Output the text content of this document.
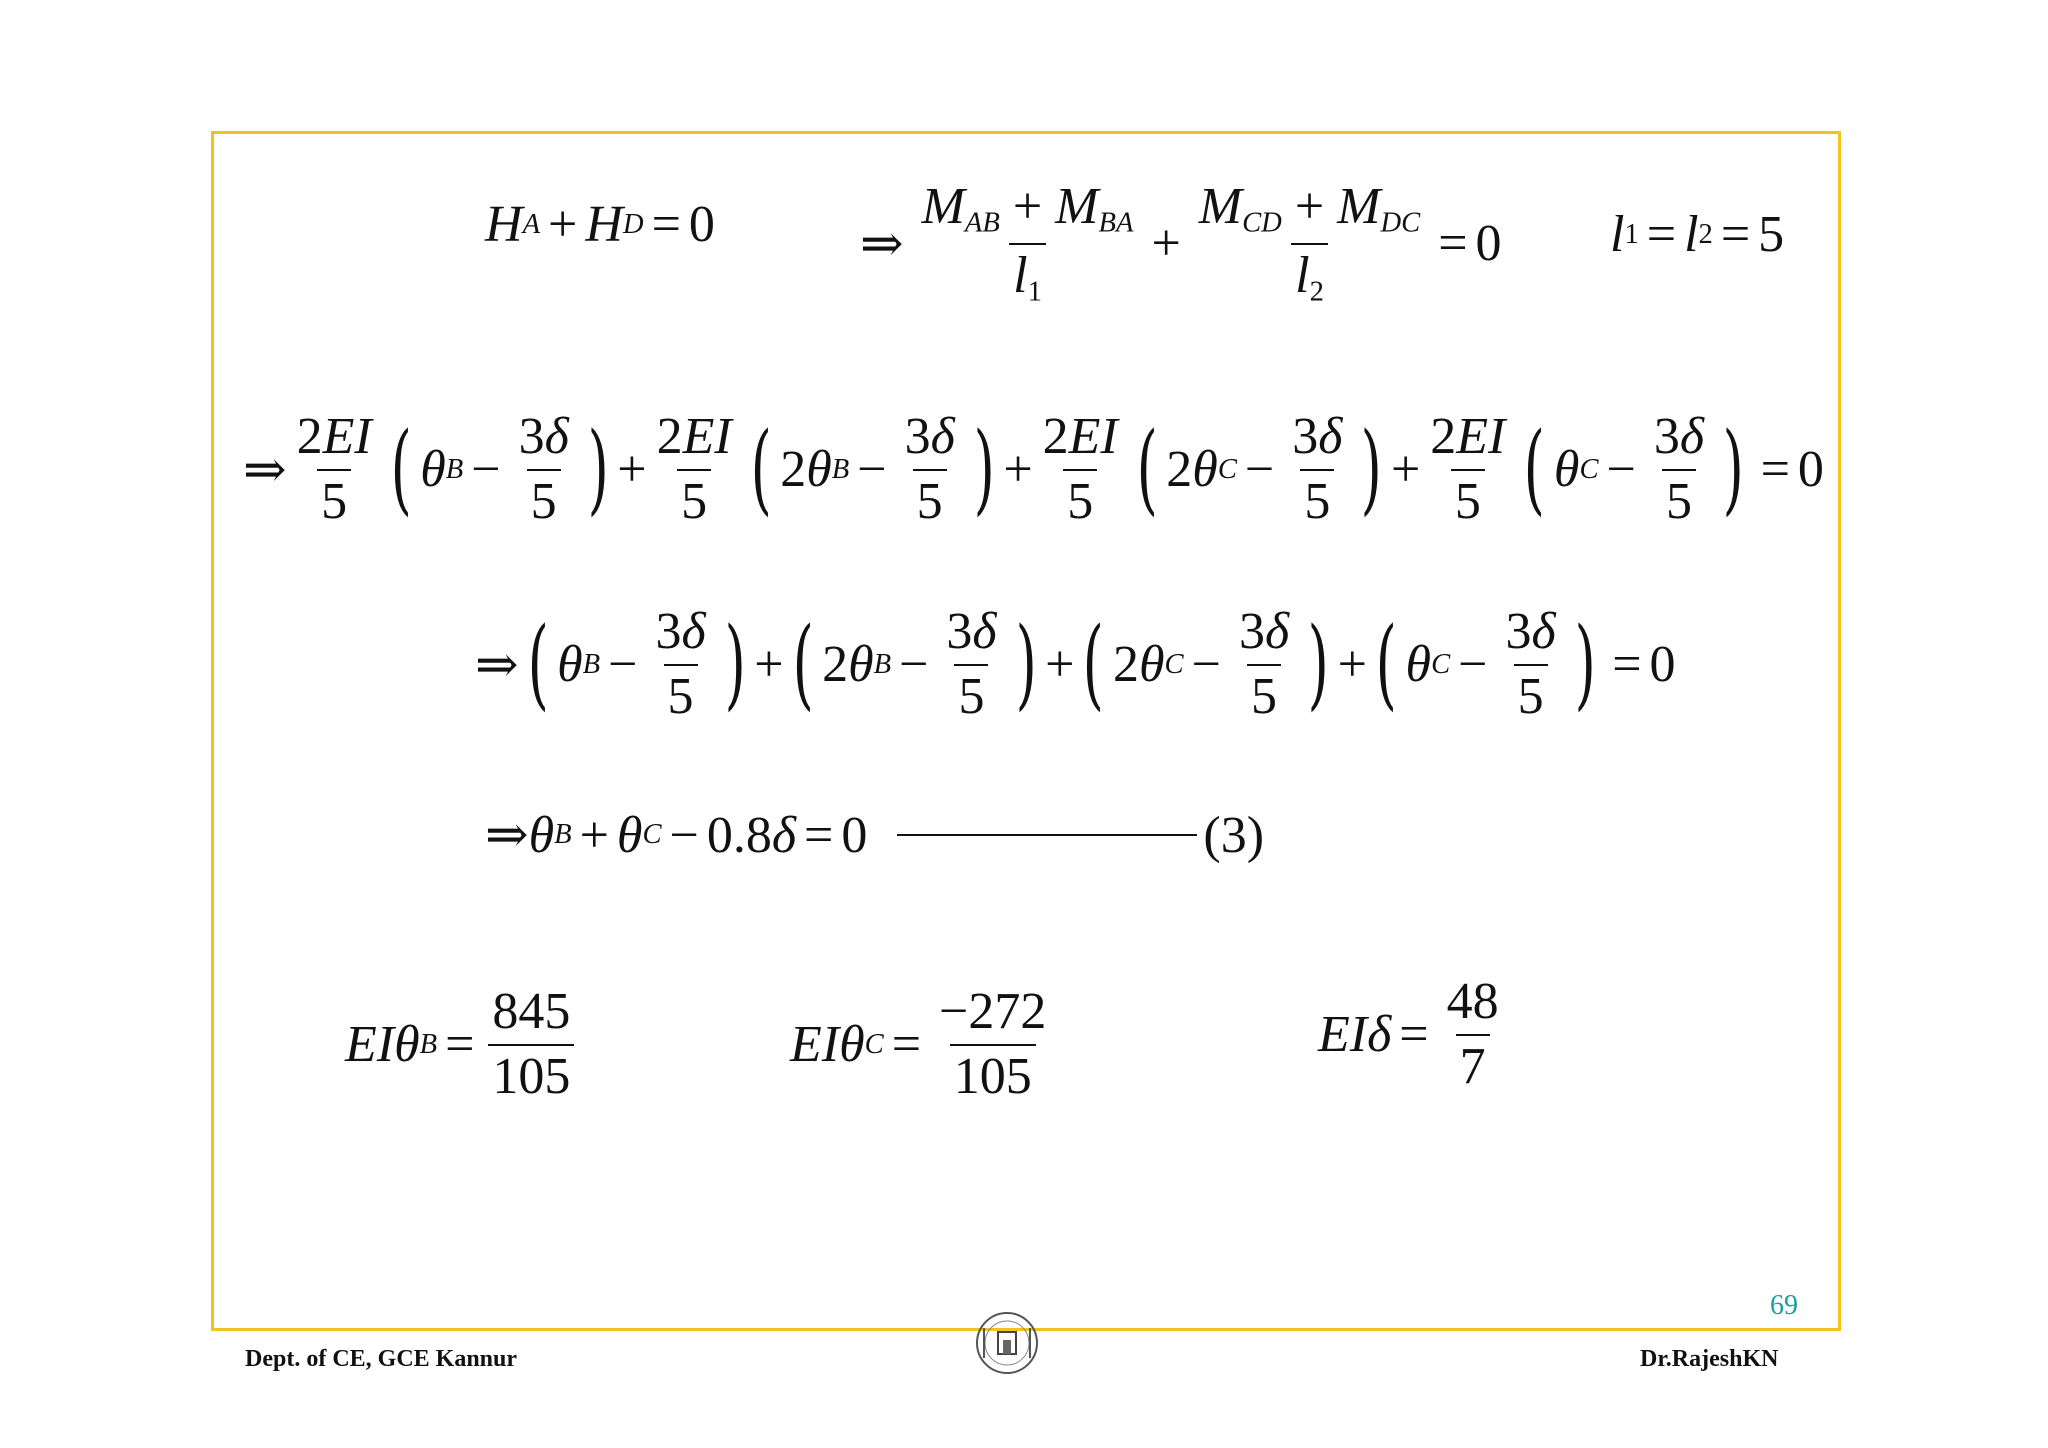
H A + H D = 0	⇒ $\frac{M_{AB} + M_{BA}}{l_1} + \frac{M_{CD} + M_{DC}}{l_2} = 0$ l 1 = l 2 = 5
⇒ $\frac{2EI}{5}$ ( θ $B - \frac{3\delta}{5}$ ) + $\frac{2EI}{5}$ ( 2 θ $B - \frac{3\delta}{5}$ ) + $\frac{2EI}{5}$ ( 2 θ $C - \frac{3\delta}{5}$ ) + $\frac{2EI}{5}$ ( θ $C - \frac{3\delta}{5}$ ) = 0
⇒ ( θ $B - \frac{3\delta}{5}$ ) + ( 2 θ $B - \frac{3\delta}{5}$ ) + ( 2 θ $C - \frac{3\delta}{5}$ ) + ( θ $C - \frac{3\delta}{5}$ ) = 0
⇒ θ B + θ C − 0.8 δ = 0	(3)
EIθ $B = \frac{845}{105}$	EIθ $C = \frac{-272}{105}$	$EI\delta = \frac{48}{7}$
69
Dept. of CE, GCE Kannur	Dr.RajeshKN
